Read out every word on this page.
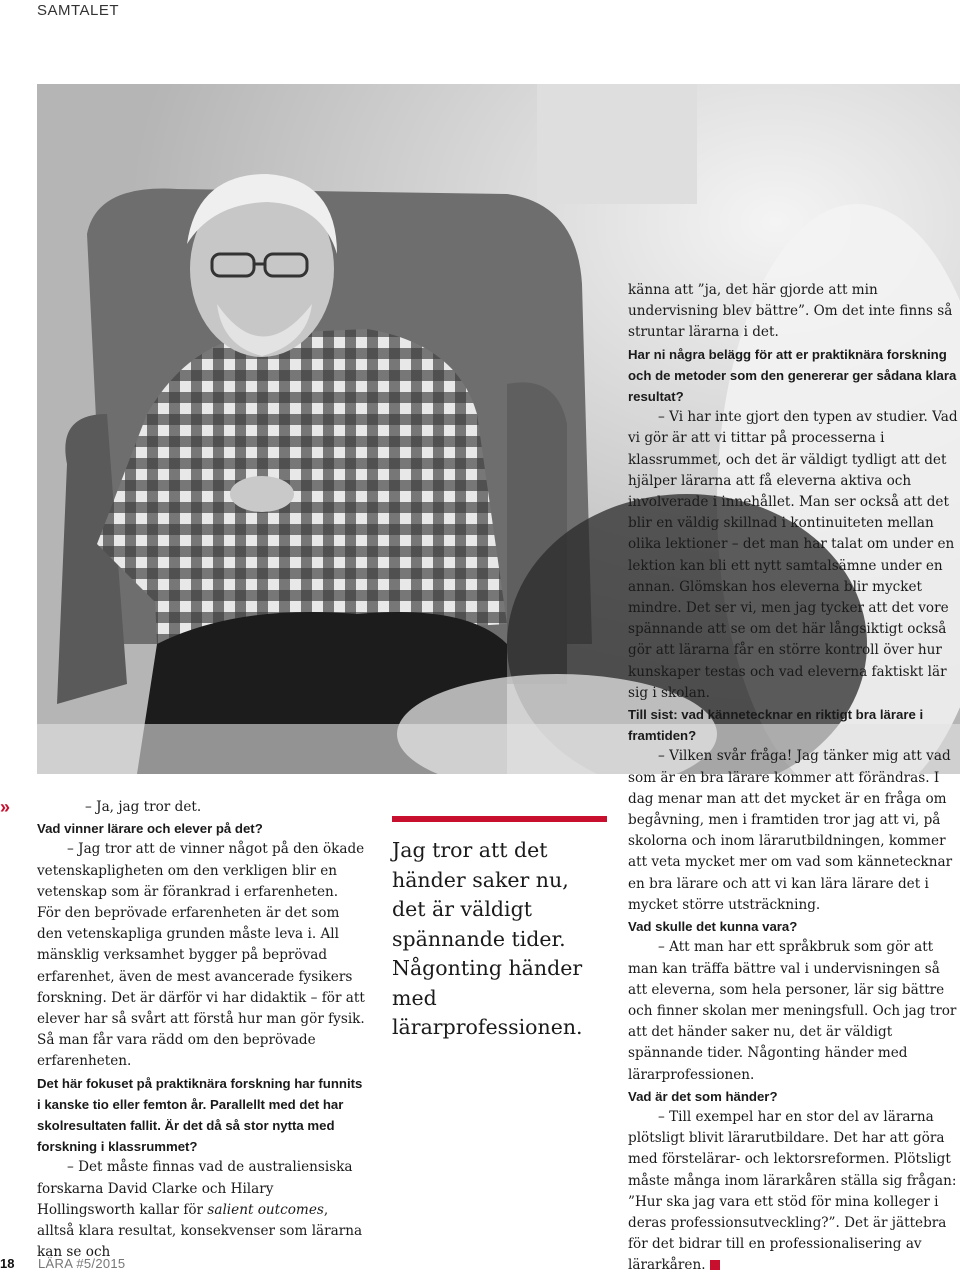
SAMTALET

»	– Ja, jag tror det.

Vad vinner lärare och elever på det?

– Jag tror att de vinner något på den ökade vetenskapligheten om den verkligen blir en vetenskap som är förankrad i erfarenheten. För den beprövade erfarenheten är det som den vetenskapliga grunden måste leva i. All mänsklig verksamhet bygger på beprövad erfarenhet, även de mest avancerade fysikers forskning. Det är därför vi har didaktik – för att elever har så svårt att förstå hur man gör fysik. Så man får vara rädd om den beprövade erfarenheten.

Det här fokuset på praktiknära forskning har funnits i kanske tio eller femton år. Parallellt med det har skolresultaten fallit. Är det då så stor nytta med forskning i klassrummet?

– Det måste finnas vad de australiensiska forskarna David Clarke och Hilary Hollingsworth kallar för salient outcomes, alltså klara resultat, konsekvenser som lärarna kan se och

Jag tror att det händer saker nu, det är väldigt spännande tider. Någonting händer med lärarprofessionen.

känna att ”ja, det här gjorde att min undervisning blev bättre”. Om det inte finns så struntar lärarna i det.

Har ni några belägg för att er praktiknära forskning och de metoder som den genererar ger sådana klara resultat?

– Vi har inte gjort den typen av studier. Vad vi gör är att vi tittar på processerna i klassrummet, och det är väldigt tydligt att det hjälper lärarna att få eleverna aktiva och involverade i innehållet. Man ser också att det blir en väldig skillnad i kontinuiteten mellan olika lektioner – det man har talat om under en lektion kan bli ett nytt samtalsämne under en annan. Glömskan hos eleverna blir mycket mindre. Det ser vi, men jag tycker att det vore spännande att se om det här långsiktigt också gör att lärarna får en större kontroll över hur kunskaper testas och vad eleverna faktiskt lär sig i skolan.

Till sist: vad kännetecknar en riktigt bra lärare i framtiden?

– Vilken svår fråga! Jag tänker mig att vad som är en bra lärare kommer att förändras. I dag menar man att det mycket är en fråga om begåvning, men i framtiden tror jag att vi, på skolorna och inom lärarutbildningen, kommer att veta mycket mer om vad som kännetecknar en bra lärare och att vi kan lära lärare det i mycket större utsträckning.

Vad skulle det kunna vara?

– Att man har ett språkbruk som gör att man kan träffa bättre val i undervisningen så att eleverna, som hela personer, lär sig bättre och finner skolan mer meningsfull. Och jag tror att det händer saker nu, det är väldigt spännande tider. Någonting händer med lärarprofessionen.

Vad är det som händer?

– Till exempel har en stor del av lärarna plötsligt blivit lärarutbildare. Det har att göra med förstelärar- och lektorsreformen. Plötsligt måste många inom lärarkåren ställa sig frågan: ”Hur ska jag vara ett stöd för mina kolleger i deras professionsutveckling?”. Det är jättebra för det bidrar till en professionalisering av lärarkåren.

18 LÄRA #5/2015
